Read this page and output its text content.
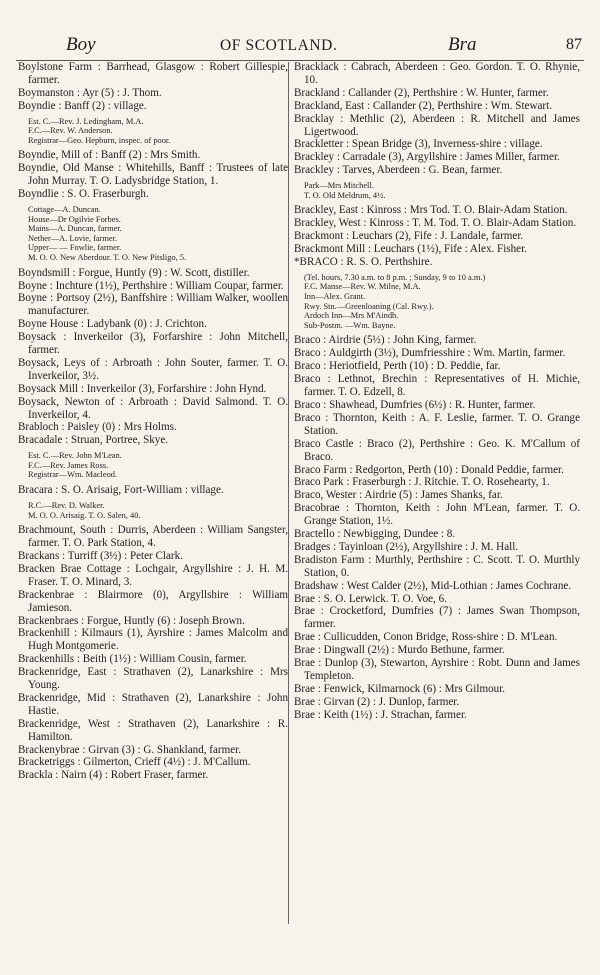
Boy	OF SCOTLAND.	Bra	87
Boylstone Farm : Barrhead, Glasgow : Robert Gillespie, farmer.
Boymanston : Ayr (5) : J. Thom.
Boyndie : Banff (2) : village.
Est. C.—Rev. J. Ledingham, M.A.
F.C.—Rev. W. Anderson.
Registrar—Geo. Hepburn, inspec. of poor.
Boyndie, Mill of : Banff (2) : Mrs Smith.
Boyndie, Old Manse : Whitehills, Banff : Trustees of late John Murray. T. O. Ladysbridge Station, 1.
Boyndlie : S. O. Fraserburgh.
Cottage—A. Duncan.
House—Dr Ogilvie Forbes.
Mains—A. Duncan, farmer.
Nether—A. Lovie, farmer.
Upper— — Fowlie, farmer.
M. O. O. New Aberdour. T. O. New Pitsligo, 5.
Boyndsmill : Forgue, Huntly (9) : W. Scott, distiller.
Boyne : Inchture (1½), Perthshire : William Coupar, farmer.
Boyne : Portsoy (2½), Banffshire : William Walker, woollen manufacturer.
Boyne House : Ladybank (0) : J. Crichton.
Boysack : Inverkeilor (3), Forfarshire : John Mitchell, farmer.
Boysack, Leys of : Arbroath : John Souter, farmer. T. O. Inverkeilor, 3½.
Boysack Mill : Inverkeilor (3), Forfarshire : John Hynd.
Boysack, Newton of : Arbroath : David Salmond. T. O. Inverkeilor, 4.
Brabloch : Paisley (0) : Mrs Holms.
Bracadale : Struan, Portree, Skye.
Est. C.—Rev. John M'Lean.
F.C.—Rev. James Ross.
Registrar—Wm. Macleod.
Bracara : S. O. Arisaig, Fort-William : village.
R.C.—Rev. D. Walker.
M. O. O. Arisaig. T. O. Salen, 40.
Brachmount, South : Durris, Aberdeen : William Sangster, farmer. T. O. Park Station, 4.
Brackans : Turriff (3½) : Peter Clark.
Bracken Brae Cottage : Lochgair, Argyllshire : J. H. M. Fraser. T. O. Minard, 3.
Brackenbrae : Blairmore (0), Argyllshire : William Jamieson.
Brackenbraes : Forgue, Huntly (6) : Joseph Brown.
Brackenhill : Kilmaurs (1), Ayrshire : James Malcolm and Hugh Montgomerie.
Brackenhills : Beith (1½) : William Cousin, farmer.
Brackenridge, East : Strathaven (2), Lanarkshire : Mrs Young.
Brackenridge, Mid : Strathaven (2), Lanarkshire : John Hastie.
Brackenridge, West : Strathaven (2), Lanarkshire : R. Hamilton.
Brackenybrae : Girvan (3) : G. Shankland, farmer.
Bracketriggs : Gilmerton, Crieff (4½) : J. M'Callum.
Brackla : Nairn (4) : Robert Fraser, farmer.
Bracklack : Cabrach, Aberdeen : Geo. Gordon. T. O. Rhynie, 10.
Brackland : Callander (2), Perthshire : W. Hunter, farmer.
Brackland, East : Callander (2), Perthshire : Wm. Stewart.
Bracklay : Methlic (2), Aberdeen : R. Mitchell and James Ligertwood.
Brackletter : Spean Bridge (3), Inverness-shire : village.
Brackley : Carradale (3), Argyllshire : James Miller, farmer.
Brackley : Tarves, Aberdeen : G. Bean, farmer.
Park—Mrs Mitchell.
T. O. Old Meldrum, 4½.
Brackley, East : Kinross : Mrs Tod. T. O. Blair-Adam Station.
Brackley, West : Kinross : T. M. Tod. T. O. Blair-Adam Station.
Brackmont : Leuchars (2), Fife : J. Landale, farmer.
Brackmont Mill : Leuchars (1½), Fife : Alex. Fisher.
*BRACO : R. S. O. Perthshire.
(Tel. hours, 7.30 a.m. to 8 p.m. ; Sunday, 9 to 10 a.m.)
F.C. Manse—Rev. W. Milne, M.A.
Inn—Alex. Grant.
Rwy. Stn.—Greenloaning (Cal. Rwy.).
Ardoch Inn—Mrs M'Aindh.
Sub-Postm. —Wm. Bayne.
Braco : Airdrie (5½) : John King, farmer.
Braco : Auldgirth (3½), Dumfriesshire : Wm. Martin, farmer.
Braco : Heriotfield, Perth (10) : D. Peddie, far.
Braco : Lethnot, Brechin : Representatives of H. Michie, farmer. T. O. Edzell, 8.
Braco : Shawhead, Dumfries (6½) : R. Hunter, farmer.
Braco : Thornton, Keith : A. F. Leslie, farmer. T. O. Grange Station.
Braco Castle : Braco (2), Perthshire : Geo. K. M'Callum of Braco.
Braco Farm : Redgorton, Perth (10) : Donald Peddie, farmer.
Braco Park : Fraserburgh : J. Ritchie. T. O. Rosehearty, 1.
Braco, Wester : Airdrie (5) : James Shanks, far.
Bracobrae : Thornton, Keith : John M'Lean, farmer. T. O. Grange Station, 1½.
Bractello : Newbigging, Dundee : 8.
Bradges : Tayinloan (2½), Argyllshire : J. M. Hall.
Bradiston Farm : Murthly, Perthshire : C. Scott. T. O. Murthly Station, 0.
Bradshaw : West Calder (2½), Mid-Lothian : James Cochrane.
Brae : S. O. Lerwick. T. O. Voe, 6.
Brae : Crocketford, Dumfries (7) : James Swan Thompson, farmer.
Brae : Cullicudden, Conon Bridge, Ross-shire : D. M'Lean.
Brae : Dingwall (2½) : Murdo Bethune, farmer.
Brae : Dunlop (3), Stewarton, Ayrshire : Robt. Dunn and James Templeton.
Brae : Fenwick, Kilmarnock (6) : Mrs Gilmour.
Brae : Girvan (2) : J. Dunlop, farmer.
Brae : Keith (1½) : J. Strachan, farmer.
